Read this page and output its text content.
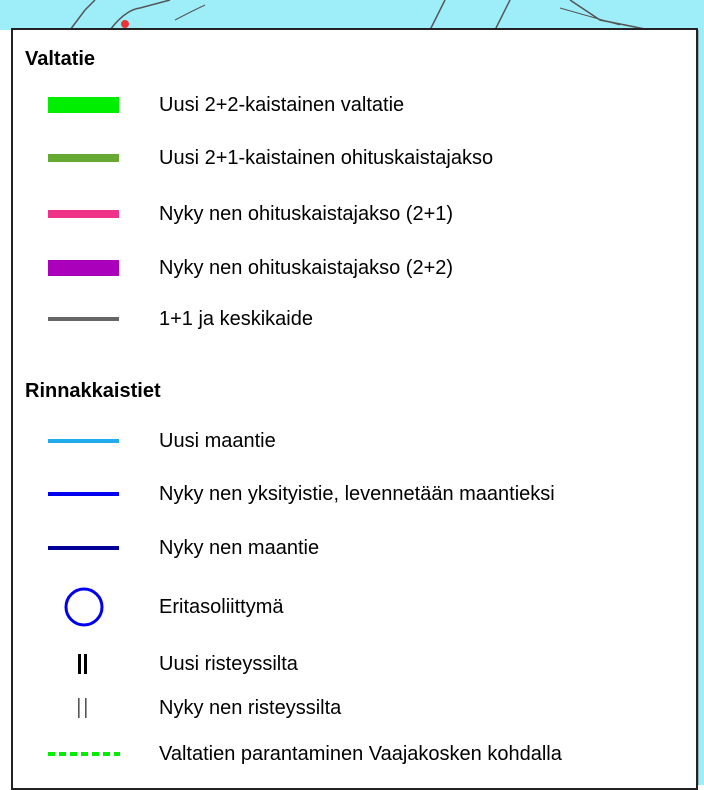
Valtatie
Uusi 2+2-kaistainen valtatie
Uusi 2+1-kaistainen ohituskaistajakso
Nyky nen ohituskaistajakso (2+1)
Nyky nen ohituskaistajakso (2+2)
1+1 ja keskikaide
Rinnakkaistiet
Uusi maantie
Nyky nen yksityistie, levennetään maantieksi
Nyky nen maantie
Eritasoliittymä
Uusi risteyssilta
Nyky nen risteyssilta
Valtatien parantaminen Vaajakosken kohdalla
